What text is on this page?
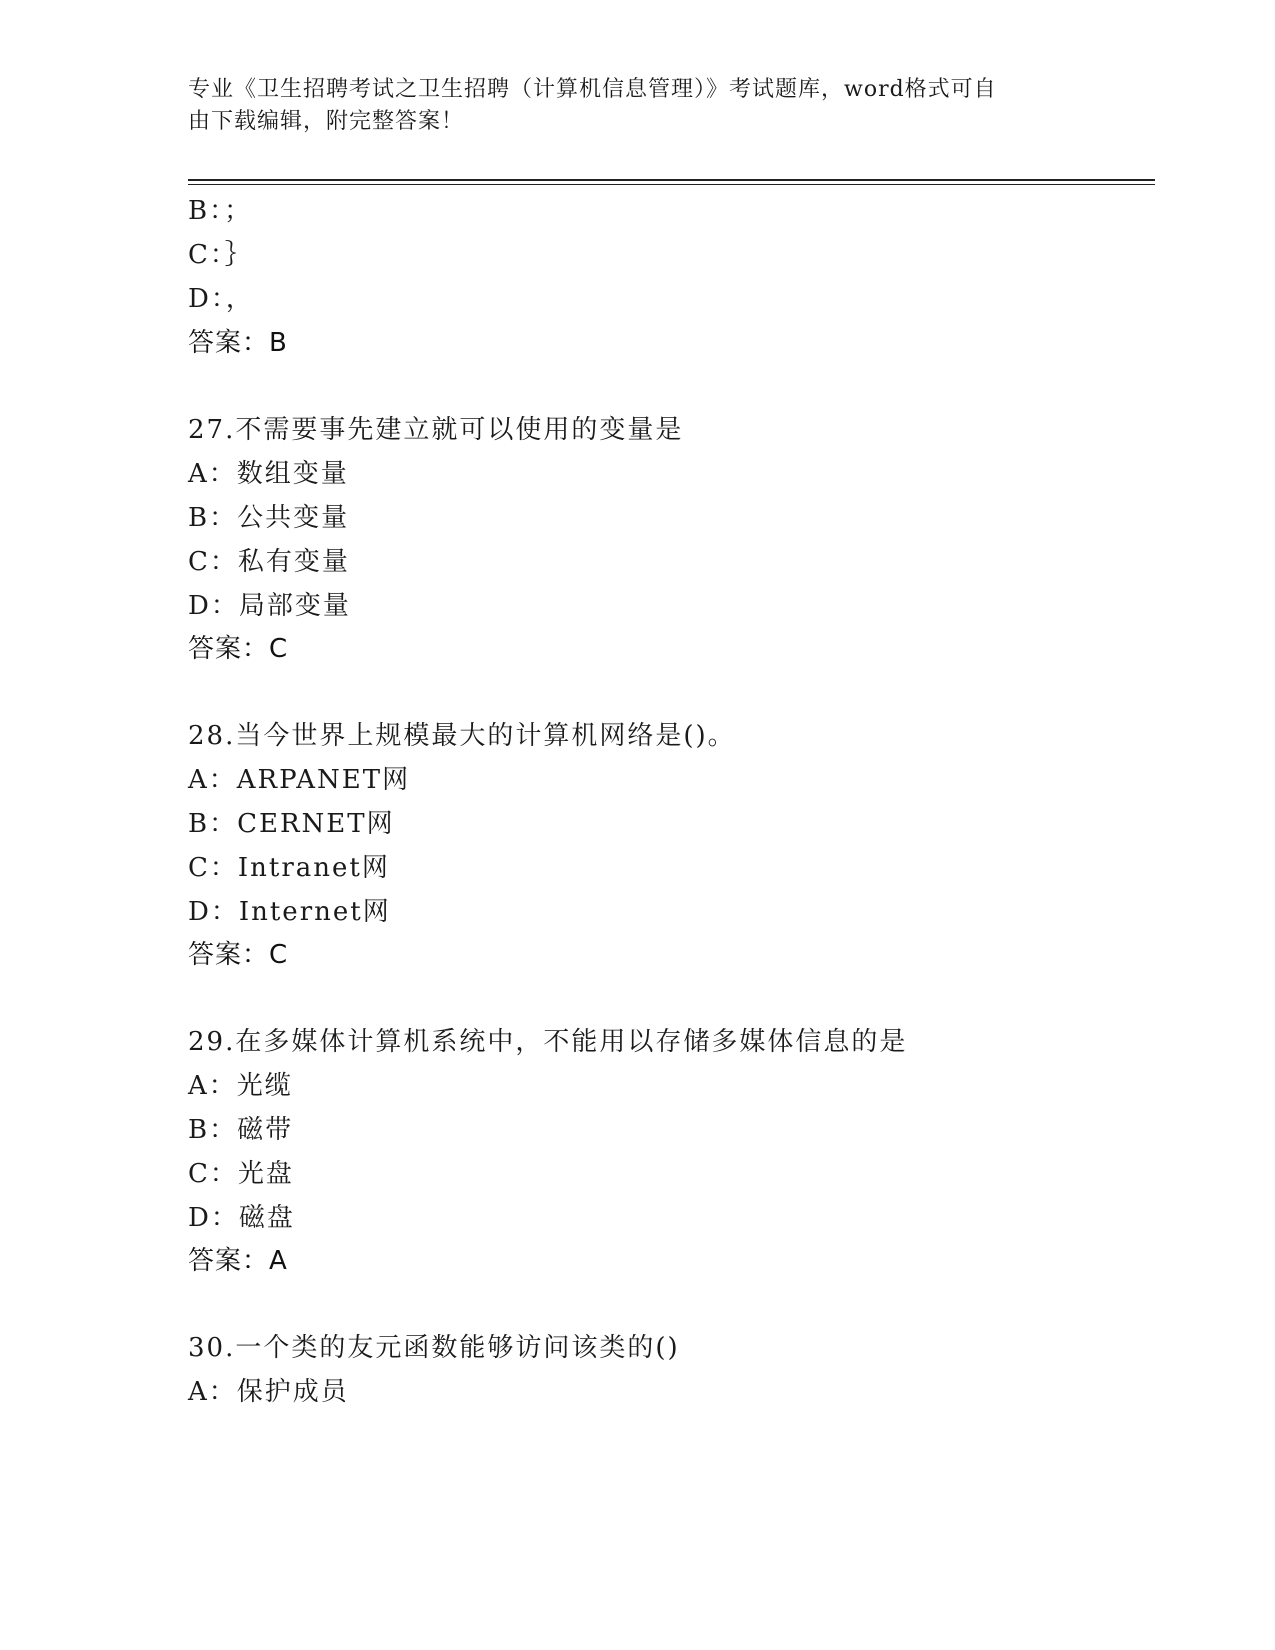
专业《卫生招聘考试之卫生招聘（计算机信息管理）》考试题库，word格式可自
由下载编辑，附完整答案！
B：；
C：｝
D：，
答案：B
27.不需要事先建立就可以使用的变量是
A：数组变量
B：公共变量
C：私有变量
D：局部变量
答案：C
28.当今世界上规模最大的计算机网络是()。
A：ARPANET网
B：CERNET网
C：Intranet网
D：Internet网
答案：C
29.在多媒体计算机系统中，不能用以存储多媒体信息的是
A：光缆
B：磁带
C：光盘
D：磁盘
答案：A
30.一个类的友元函数能够访问该类的()
A：保护成员
